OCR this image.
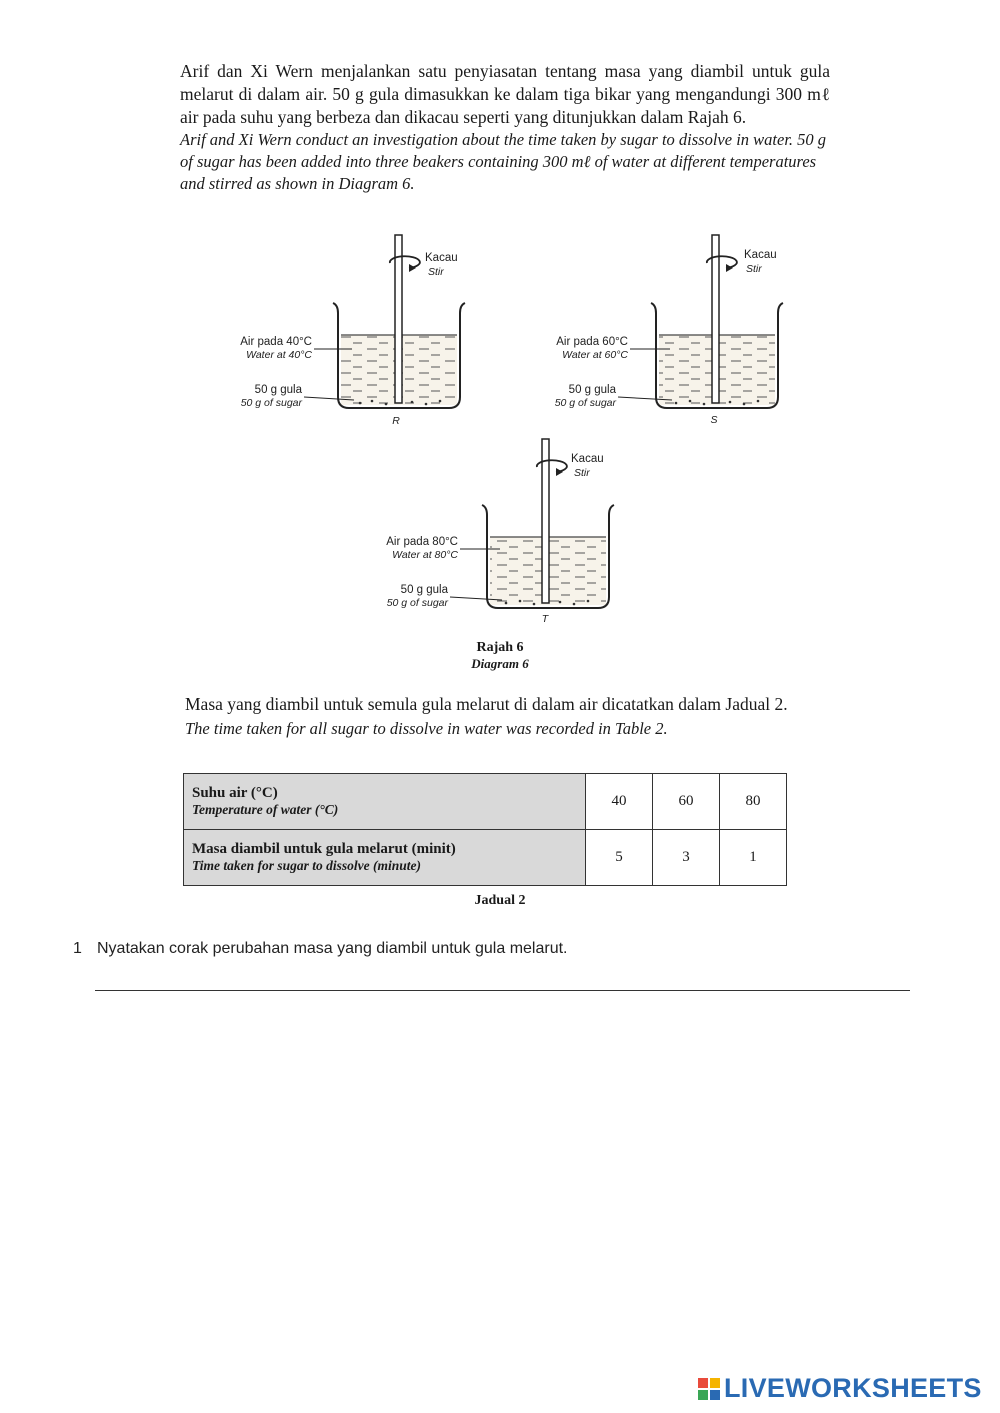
Arif dan Xi Wern menjalankan satu penyiasatan tentang masa yang diambil untuk gula melarut di dalam air. 50 g gula dimasukkan ke dalam tiga bikar yang mengandungi 300 mℓ air pada suhu yang berbeza dan dikacau seperti yang ditunjukkan dalam Rajah 6.
Arif and Xi Wern conduct an investigation about the time taken by sugar to dissolve in water. 50 g of sugar has been added into three beakers containing 300 mℓ of water at different temperatures and stirred as shown in Diagram 6.
Kacau
Stir
Air pada 40°C
Water at 40°C
50 g gula
50 g of sugar
R
Kacau
Stir
Air pada 60°C
Water at 60°C
50 g gula
50 g of sugar
S
Kacau
Stir
Air pada 80°C
Water at 80°C
50 g gula
50 g of sugar
T
Rajah 6
Diagram 6
Masa yang diambil untuk semula gula melarut di dalam air dicatatkan dalam Jadual 2.
The time taken for all sugar to dissolve in water was recorded in Table 2.
Suhu air (°C)
Temperature of water (°C)	40	60	80

Masa diambil untuk gula melarut (minit)
Time taken for sugar to dissolve (minute)	5	3	1
Jadual 2
1 Nyatakan corak perubahan masa yang diambil untuk gula melarut.
LIVEWORKSHEETS
